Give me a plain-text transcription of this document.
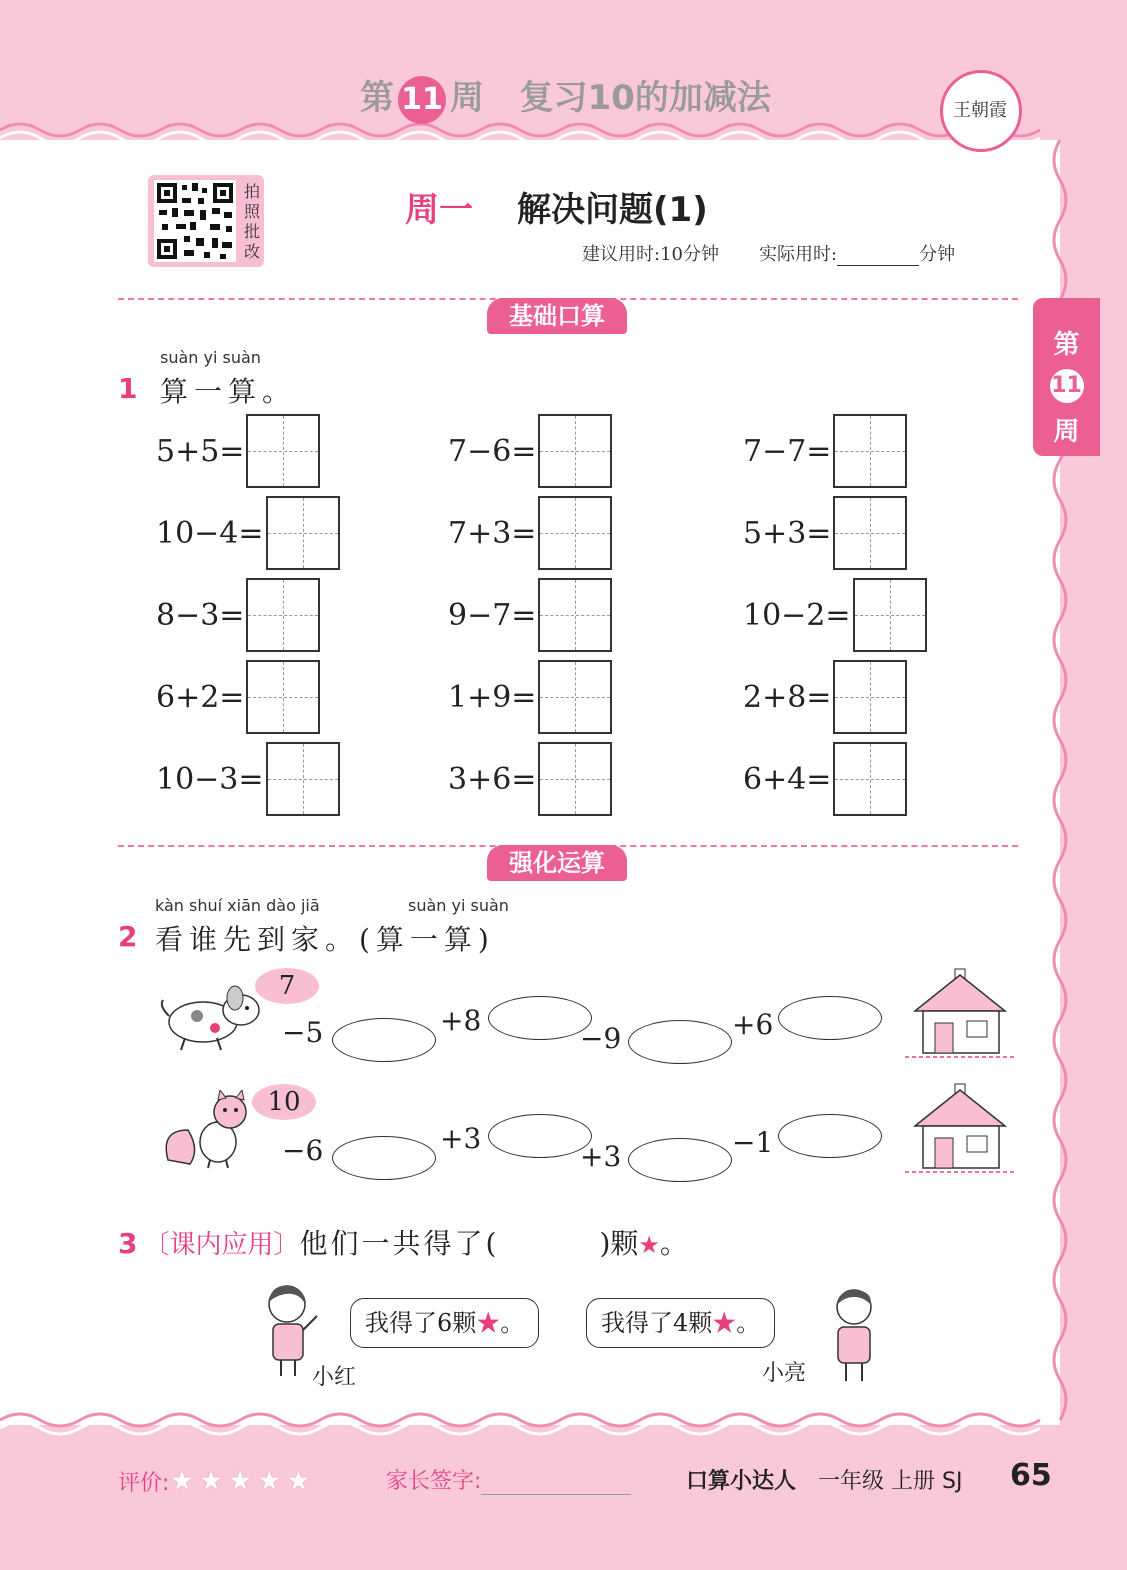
第 11 周 复习10的加减法	王朝霞
拍照批改
周一 解决问题(1)
建议用时:10分钟 实际用时:	分钟
第
11
周
基础口算
1
suàn yi suàn
算一算。
5+5=	7−6=	7−7=
10−4=	7+3=	5+3=
8−3=	9−7=	10−2=
6+2=	1+9=	2+8=
10−3=	3+6=	6+4=
强化运算
2
kàn shuí xiān dào jiā	suàn yi suàn
看谁先到家。(算一算)
7
−5	+8
−9	+6
10
−6	+3
+3	−1
3 〔课内应用〕 他们一共得了(	)颗 ★ 。
我得了6颗★。	我得了4颗★。
小红	小亮
评价:★★★★★	家长签字:	口算小达人 一年级 上册 SJ 65
